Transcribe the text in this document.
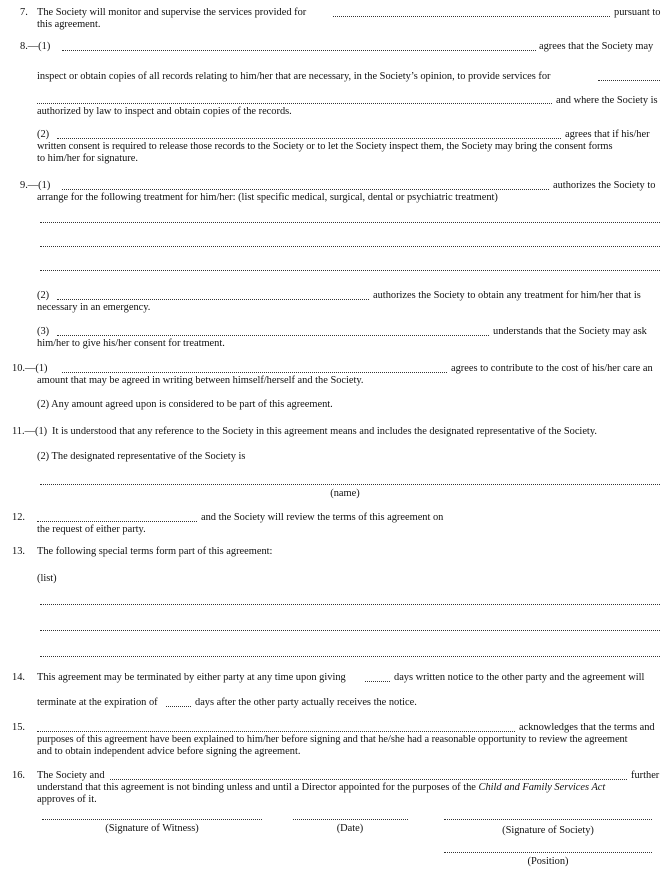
7. The Society will monitor and supervise the services provided for	pursuant to
this agreement.
8.—(1)	agrees that the Society may
inspect or obtain copies of all records relating to him/her that are necessary, in the Society’s opinion, to provide services for
and where the Society is
authorized by law to inspect and obtain copies of the records.
(2)	agrees that if his/her
written consent is required to release those records to the Society or to let the Society inspect them, the Society may bring the consent forms
to him/her for signature.
9.—(1)	authorizes the Society to
arrange for the following treatment for him/her: (list specific medical, surgical, dental or psychiatric treatment)
(2)	authorizes the Society to obtain any treatment for him/her that is
necessary in an emergency.
(3)	understands that the Society may ask
him/her to give his/her consent for treatment.
10.—(1)	agrees to contribute to the cost of his/her care an
amount that may be agreed in writing between himself/herself and the Society.
(2) Any amount agreed upon is considered to be part of this agreement.
11.—(1) It is understood that any reference to the Society in this agreement means and includes the designated representative of the Society.
(2) The designated representative of the Society is
(name)
12.	and the Society will review the terms of this agreement on
the request of either party.
13. The following special terms form part of this agreement:
(list)
14. This agreement may be terminated by either party at any time upon giving	days written notice to the other party and the agreement will
terminate at the expiration of	days after the other party actually receives the notice.
15.	acknowledges that the terms and
purposes of this agreement have been explained to him/her before signing and that he/she had a reasonable opportunity to review the agreement
and to obtain independent advice before signing the agreement.
16. The Society and	further
understand that this agreement is not binding unless and until a Director appointed for the purposes of the Child and Family Services Act
approves of it.
(Signature of Witness)	(Date)	(Signature of Society)
(Position)
